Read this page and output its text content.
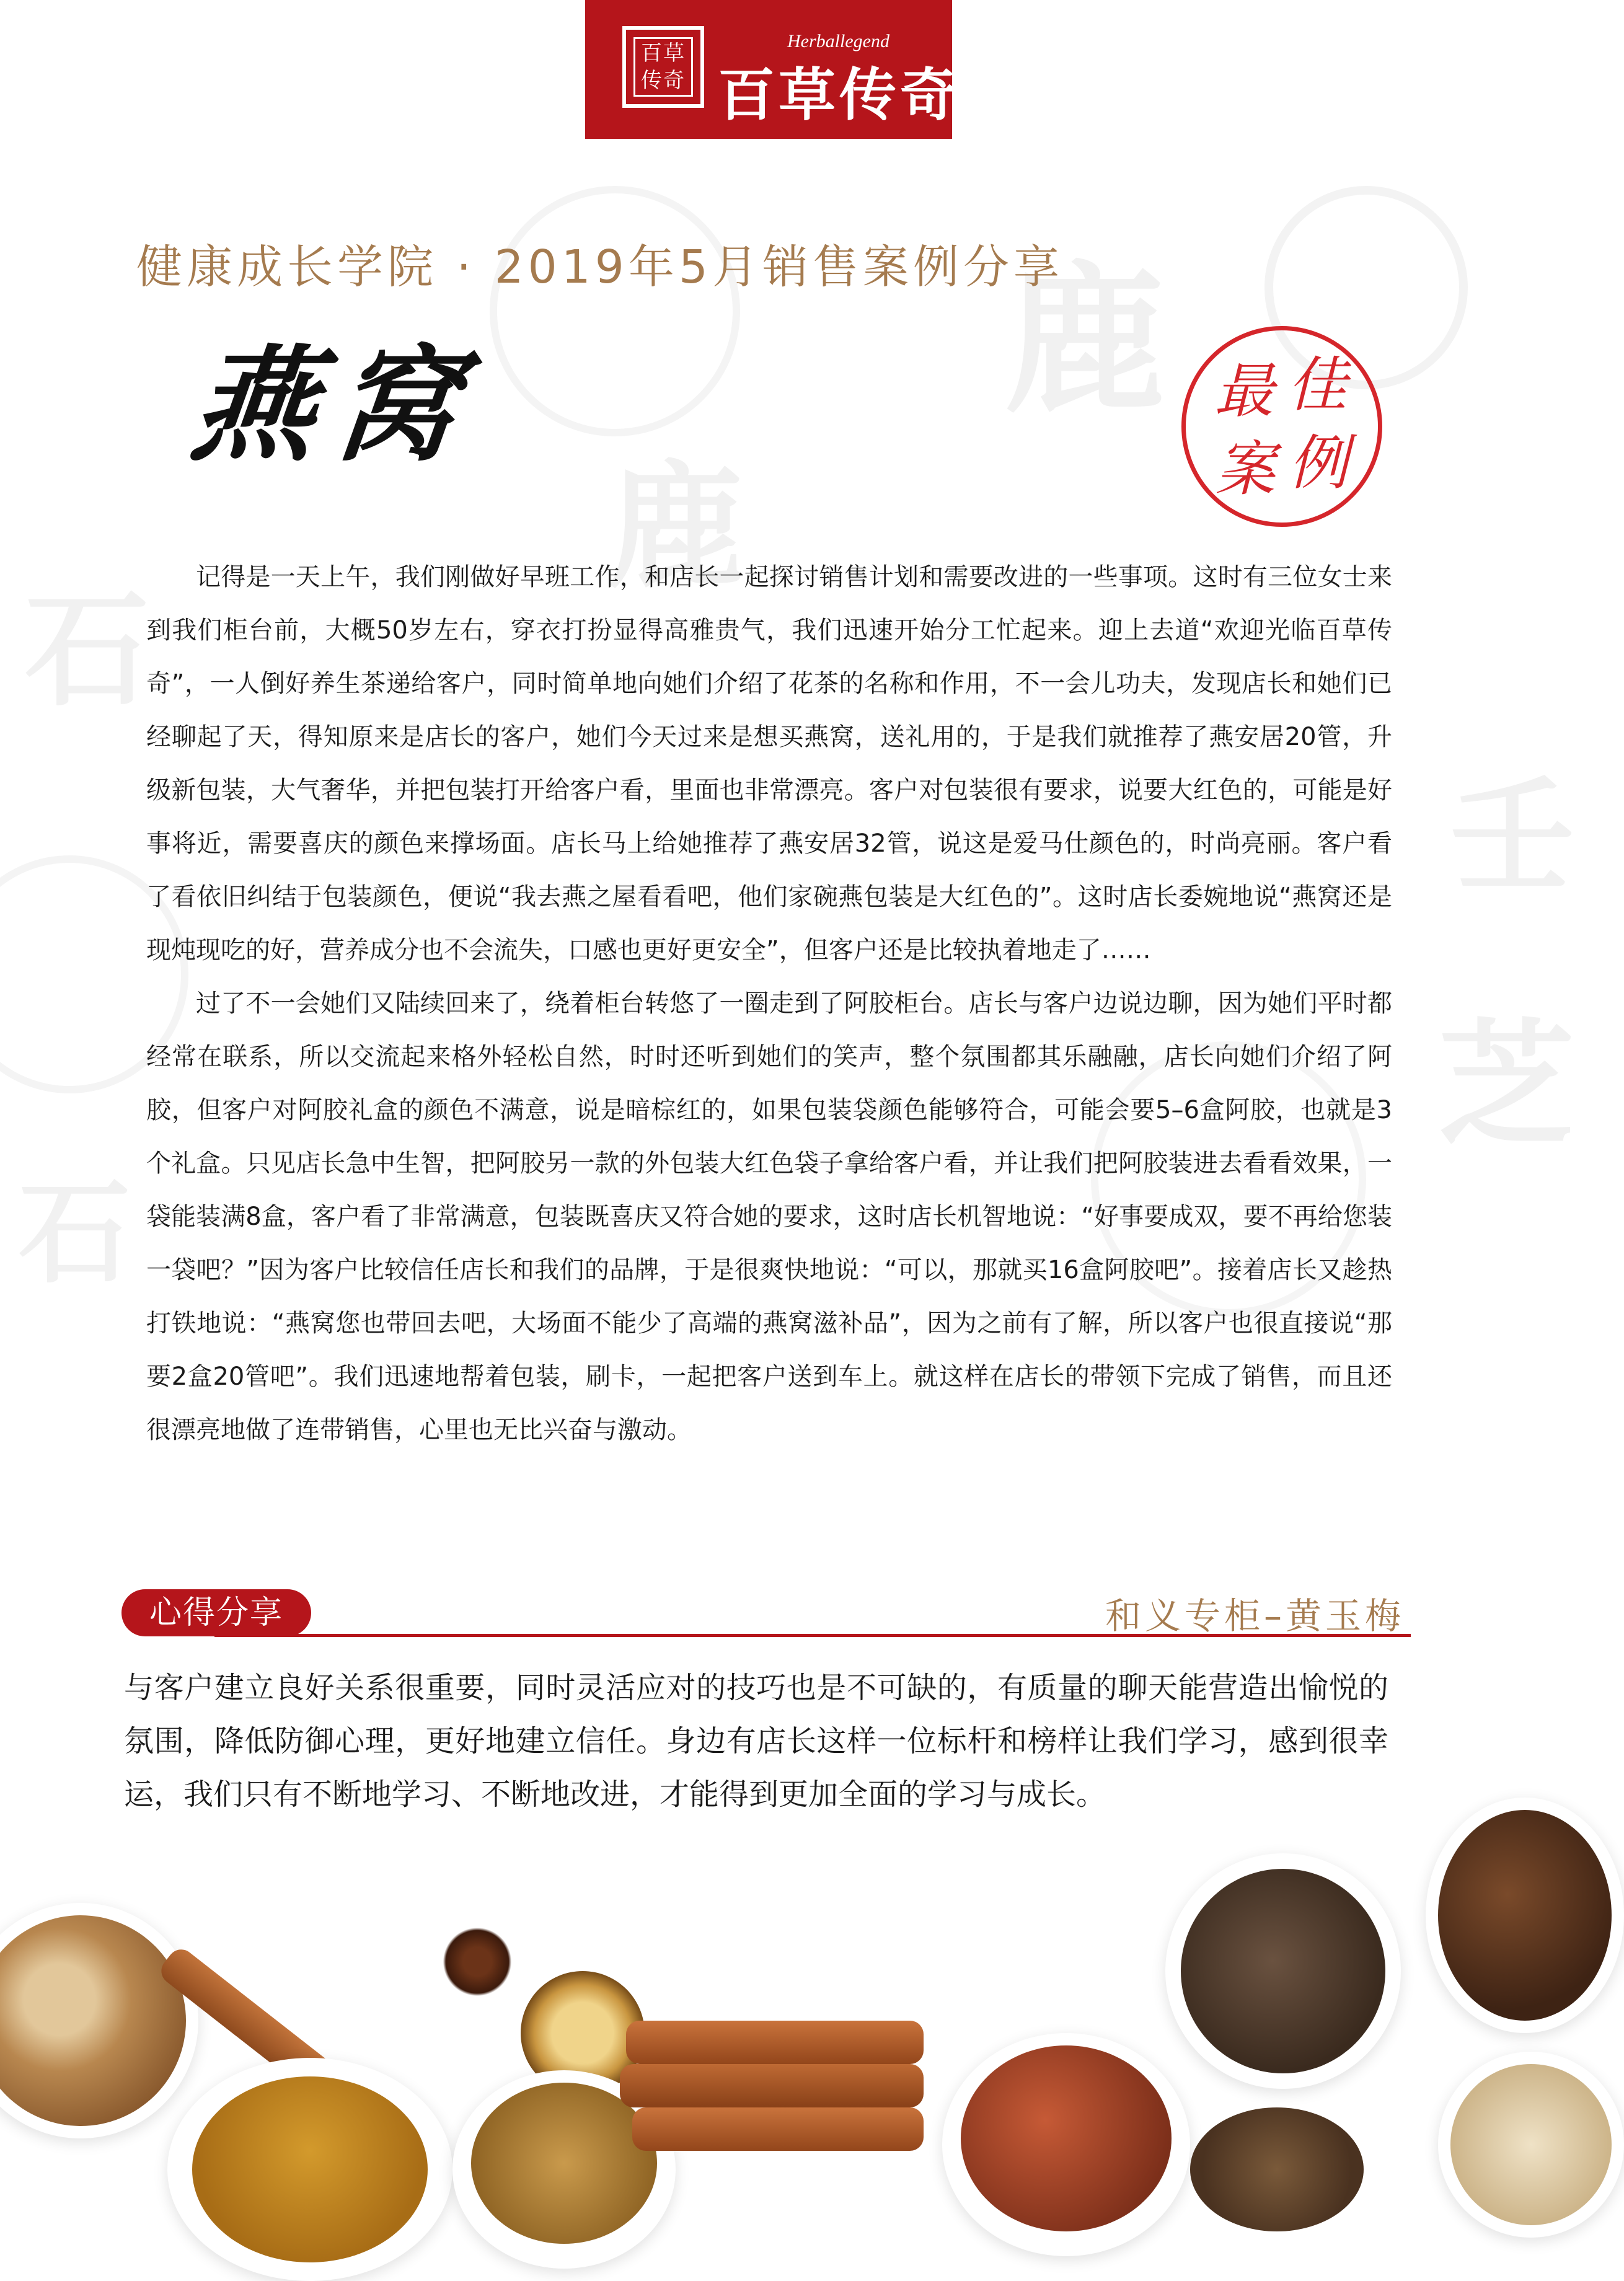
鹿
鹿
石
壬
芝
石
百 草
传 奇
Herballegend
百草传奇
健康成长学院 · 2019年5月销售案例分享
燕窝	佳
最
例
案

记得是一天上午，我们刚做好早班工作，和店长一起探讨销售计划和需要改进的一些事项。这时有三位女士来到我们柜台前，大概50岁左右，穿衣打扮显得高雅贵气，我们迅速开始分工忙起来。迎上去道“欢迎光临百草传奇”，一人倒好养生茶递给客户，同时简单地向她们介绍了花茶的名称和作用，不一会儿功夫，发现店长和她们已经聊起了天，得知原来是店长的客户，她们今天过来是想买燕窝，送礼用的，于是我们就推荐了燕安居20管，升级新包装，大气奢华，并把包装打开给客户看，里面也非常漂亮。客户对包装很有要求，说要大红色的，可能是好事将近，需要喜庆的颜色来撑场面。店长马上给她推荐了燕安居32管，说这是爱马仕颜色的，时尚亮丽。客户看了看依旧纠结于包装颜色，便说“我去燕之屋看看吧，他们家碗燕包装是大红色的”。这时店长委婉地说“燕窝还是现炖现吃的好，营养成分也不会流失，口感也更好更安全”，但客户还是比较执着地走了……

过了不一会她们又陆续回来了，绕着柜台转悠了一圈走到了阿胶柜台。店长与客户边说边聊，因为她们平时都经常在联系，所以交流起来格外轻松自然，时时还听到她们的笑声，整个氛围都其乐融融，店长向她们介绍了阿胶，但客户对阿胶礼盒的颜色不满意，说是暗棕红的，如果包装袋颜色能够符合，可能会要5–6盒阿胶，也就是3个礼盒。只见店长急中生智，把阿胶另一款的外包装大红色袋子拿给客户看，并让我们把阿胶装进去看看效果，一袋能装满8盒，客户看了非常满意，包装既喜庆又符合她的要求，这时店长机智地说：“好事要成双，要不再给您装一袋吧？”因为客户比较信任店长和我们的品牌，于是很爽快地说：“可以，那就买16盒阿胶吧”。接着店长又趁热打铁地说：“燕窝您也带回去吧，大场面不能少了高端的燕窝滋补品”，因为之前有了解，所以客户也很直接说“那要2盒20管吧”。我们迅速地帮着包装，刷卡，一起把客户送到车上。就这样在店长的带领下完成了销售，而且还很漂亮地做了连带销售，心里也无比兴奋与激动。

心得分享	和义专柜–黄玉梅

与客户建立良好关系很重要，同时灵活应对的技巧也是不可缺的，有质量的聊天能营造出愉悦的氛围，降低防御心理，更好地建立信任。身边有店长这样一位标杆和榜样让我们学习，感到很幸运，我们只有不断地学习、不断地改进，才能得到更加全面的学习与成长。
